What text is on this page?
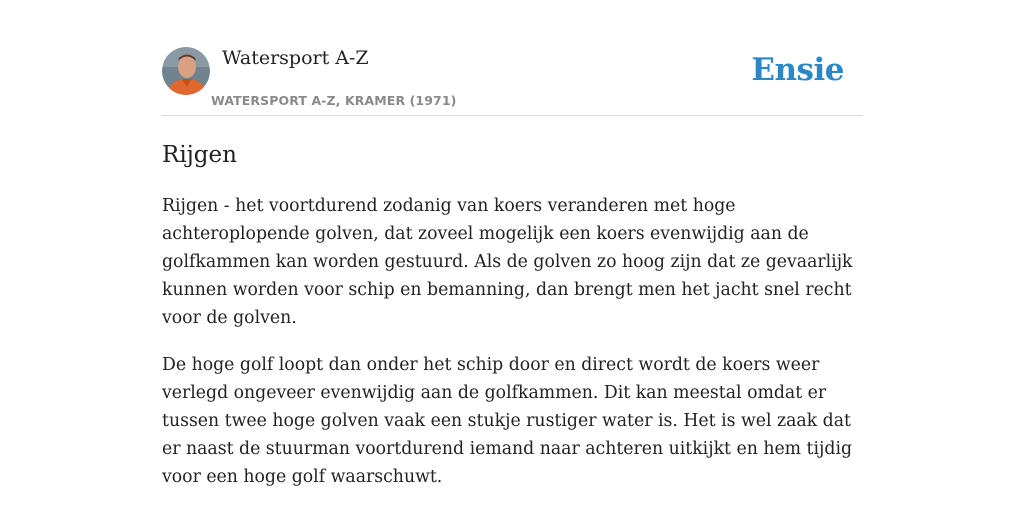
Watersport A-Z
WATERSPORT A-Z, KRAMER (1971)
Ensie
Rijgen

Rijgen - het voortdurend zodanig van koers veranderen met hoge achteroplopende golven, dat zoveel mogelijk een koers evenwijdig aan de golfkammen kan worden gestuurd. Als de golven zo hoog zijn dat ze gevaarlijk kunnen worden voor schip en bemanning, dan brengt men het jacht snel recht voor de golven.

De hoge golf loopt dan onder het schip door en direct wordt de koers weer verlegd ongeveer evenwijdig aan de golfkammen. Dit kan meestal omdat er tussen twee hoge golven vaak een stukje rustiger water is. Het is wel zaak dat er naast de stuurman voortdurend iemand naar achteren uitkijkt en hem tijdig voor een hoge golf waarschuwt.
